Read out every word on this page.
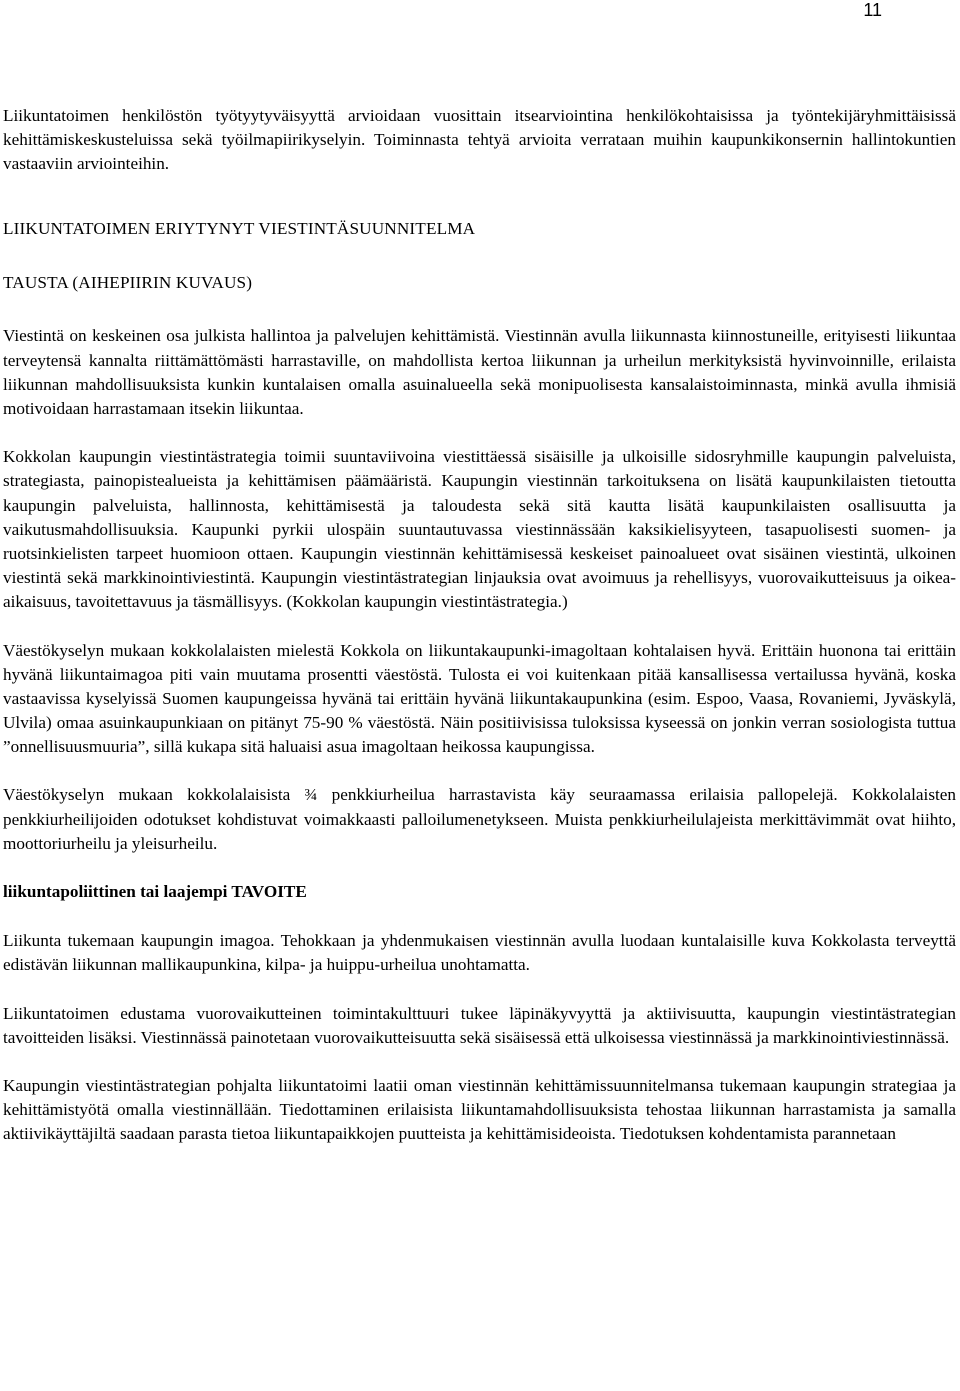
11

Liikuntatoimen henkilöstön työtyytyväisyyttä arvioidaan vuosittain itsearviointina henkilökohtaisissa ja työntekijäryhmittäisissä kehittämiskeskusteluissa sekä työilmapiirikyselyin. Toiminnasta tehtyä arvioita verrataan muihin kaupunkikonsernin hallintokuntien vastaaviin arviointeihin.

LIIKUNTATOIMEN ERIYTYNYT VIESTINTÄSUUNNITELMA
TAUSTA (AIHEPIIRIN KUVAUS)

Viestintä on keskeinen osa julkista hallintoa ja palvelujen kehittämistä. Viestinnän avulla liikunnasta kiinnostuneille, erityisesti liikuntaa terveytensä kannalta riittämättömästi harrastaville, on mahdollista kertoa liikunnan ja urheilun merkityksistä hyvinvoinnille, erilaista liikunnan mahdollisuuksista kunkin kuntalaisen omalla asuinalueella sekä monipuolisesta kansalaistoiminnasta, minkä avulla ihmisiä motivoidaan harrastamaan itsekin liikuntaa.

Kokkolan kaupungin viestintästrategia toimii suuntaviivoina viestittäessä sisäisille ja ulkoisille sidosryhmille kaupungin palveluista, strategiasta, painopistealueista ja kehittämisen päämääristä. Kaupungin viestinnän tarkoituksena on lisätä kaupunkilaisten tietoutta kaupungin palveluista, hallinnosta, kehittämisestä ja taloudesta sekä sitä kautta lisätä kaupunkilaisten osallisuutta ja vaikutusmahdollisuuksia. Kaupunki pyrkii ulospäin suuntautuvassa viestinnässään kaksikielisyyteen, tasapuolisesti suomen- ja ruotsinkielisten tarpeet huomioon ottaen. Kaupungin viestinnän kehittämisessä keskeiset painoalueet ovat sisäinen viestintä, ulkoinen viestintä sekä markkinointiviestintä. Kaupungin viestintästrategian linjauksia ovat avoimuus ja rehellisyys, vuorovaikutteisuus ja oikea-aikaisuus, tavoitettavuus ja täsmällisyys. (Kokkolan kaupungin viestintästrategia.)

Väestökyselyn mukaan kokkolalaisten mielestä Kokkola on liikuntakaupunki-imagoltaan kohtalaisen hyvä. Erittäin huonona tai erittäin hyvänä liikuntaimagoa piti vain muutama prosentti väestöstä. Tulosta ei voi kuitenkaan pitää kansallisessa vertailussa hyvänä, koska vastaavissa kyselyissä Suomen kaupungeissa hyvänä tai erittäin hyvänä liikuntakaupunkina (esim. Espoo, Vaasa, Rovaniemi, Jyväskylä, Ulvila) omaa asuinkaupunkiaan on pitänyt 75-90 % väestöstä. Näin positiivisissa tuloksissa kyseessä on jonkin verran sosiologista tuttua ”onnellisuusmuuria”, sillä kukapa sitä haluaisi asua imagoltaan heikossa kaupungissa.

Väestökyselyn mukaan kokkolalaisista ¾ penkkiurheilua harrastavista käy seuraamassa erilaisia pallopelejä. Kokkolalaisten penkkiurheilijoiden odotukset kohdistuvat voimakkaasti palloilumenetykseen. Muista penkkiurheilulajeista merkittävimmät ovat hiihto, moottoriurheilu ja yleisurheilu.

liikuntapoliittinen tai laajempi TAVOITE

Liikunta tukemaan kaupungin imagoa. Tehokkaan ja yhdenmukaisen viestinnän avulla luodaan kuntalaisille kuva Kokkolasta terveyttä edistävän liikunnan mallikaupunkina, kilpa- ja huippu-urheilua unohtamatta.

Liikuntatoimen edustama vuorovaikutteinen toimintakulttuuri tukee läpinäkyvyyttä ja aktiivisuutta, kaupungin viestintästrategian tavoitteiden lisäksi. Viestinnässä painotetaan vuorovaikutteisuutta sekä sisäisessä että ulkoisessa viestinnässä ja markkinointiviestinnässä.

Kaupungin viestintästrategian pohjalta liikuntatoimi laatii oman viestinnän kehittämissuunnitelmansa tukemaan kaupungin strategiaa ja kehittämistyötä omalla viestinnällään. Tiedottaminen erilaisista liikuntamahdollisuuksista tehostaa liikunnan harrastamista ja samalla aktiivikäyttäjiltä saadaan parasta tietoa liikuntapaikkojen puutteista ja kehittämisideoista. Tiedotuksen kohdentamista parannetaan
